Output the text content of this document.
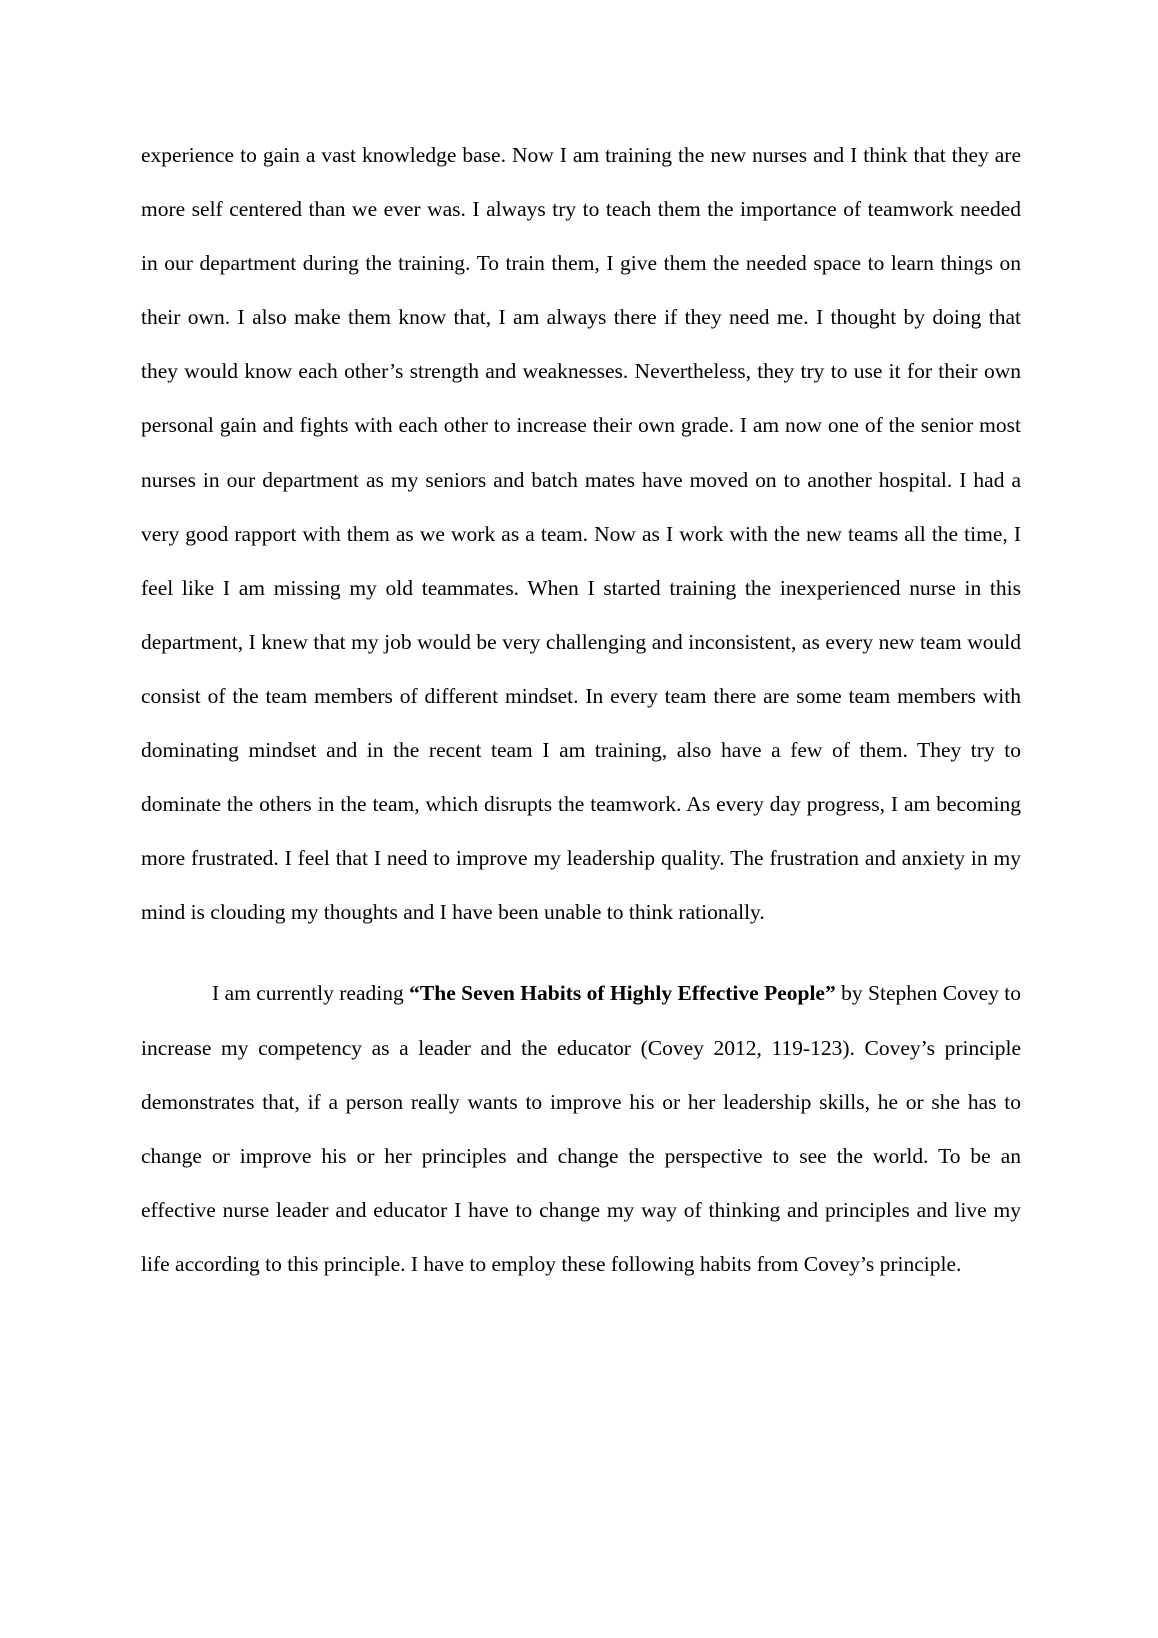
experience to gain a vast knowledge base. Now I am training the new nurses and I think that they are more self centered than we ever was. I always try to teach them the importance of teamwork needed in our department during the training. To train them, I give them the needed space to learn things on their own. I also make them know that, I am always there if they need me. I thought by doing that they would know each other’s strength and weaknesses. Nevertheless, they try to use it for their own personal gain and fights with each other to increase their own grade. I am now one of the senior most nurses in our department as my seniors and batch mates have moved on to another hospital. I had a very good rapport with them as we work as a team. Now as I work with the new teams all the time, I feel like I am missing my old teammates. When I started training the inexperienced nurse in this department, I knew that my job would be very challenging and inconsistent, as every new team would consist of the team members of different mindset. In every team there are some team members with dominating mindset and in the recent team I am training, also have a few of them. They try to dominate the others in the team, which disrupts the teamwork. As every day progress, I am becoming more frustrated. I feel that I need to improve my leadership quality. The frustration and anxiety in my mind is clouding my thoughts and I have been unable to think rationally.

I am currently reading “The Seven Habits of Highly Effective People” by Stephen Covey to increase my competency as a leader and the educator (Covey 2012, 119-123). Covey’s principle demonstrates that, if a person really wants to improve his or her leadership skills, he or she has to change or improve his or her principles and change the perspective to see the world. To be an effective nurse leader and educator I have to change my way of thinking and principles and live my life according to this principle. I have to employ these following habits from Covey’s principle.
